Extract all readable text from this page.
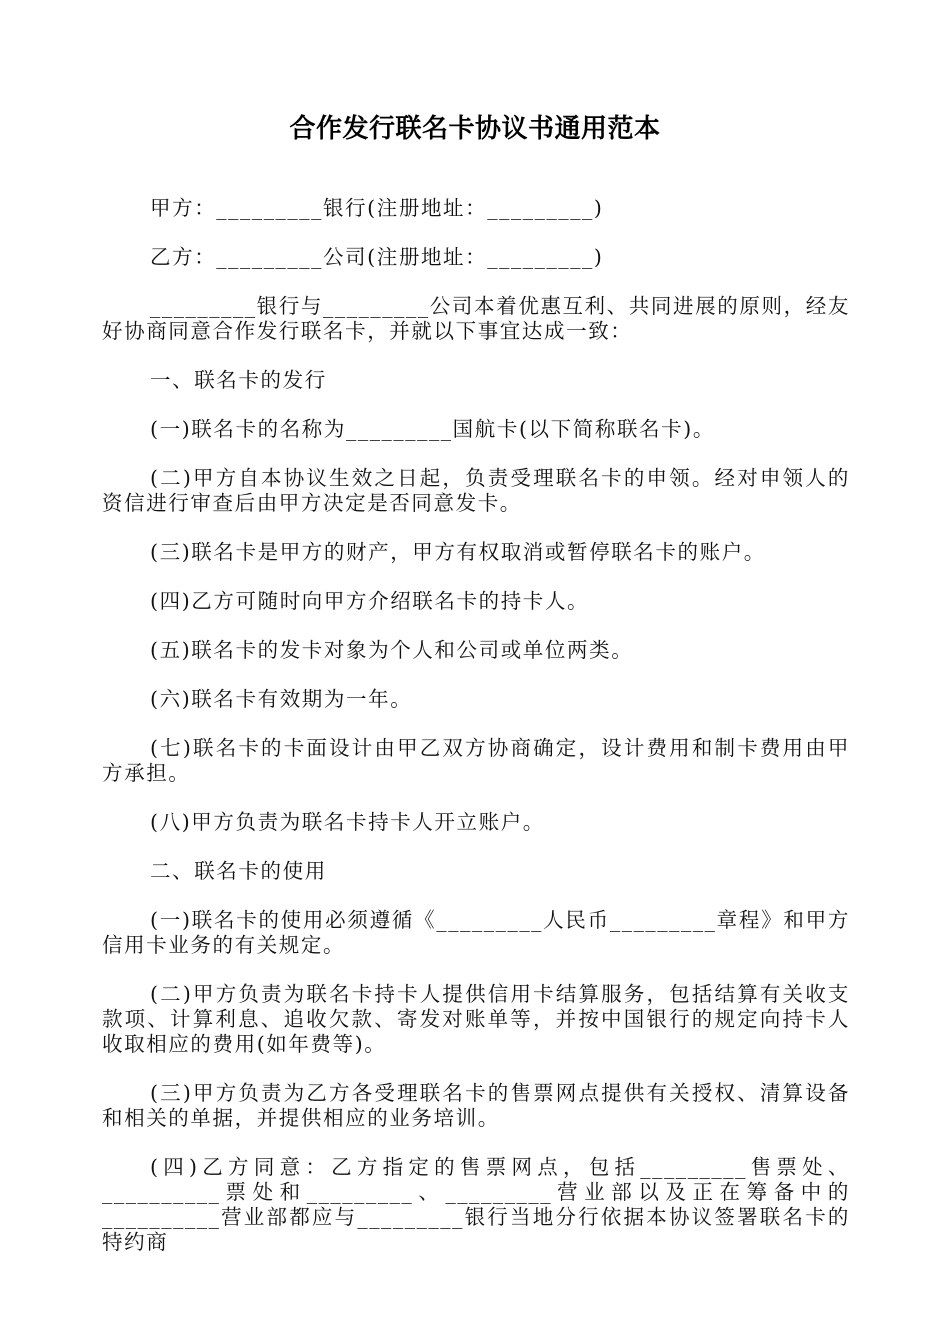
合作发行联名卡协议书通用范本

甲方：_________银行(注册地址：_________)

乙方：_________公司(注册地址：_________)

_________银行与_________公司本着优惠互利、共同进展的原则，经友好协商同意合作发行联名卡，并就以下事宜达成一致：

一、联名卡的发行

(一)联名卡的名称为_________国航卡(以下简称联名卡)。

(二)甲方自本协议生效之日起，负责受理联名卡的申领。经对申领人的资信进行审查后由甲方决定是否同意发卡。

(三)联名卡是甲方的财产，甲方有权取消或暂停联名卡的账户。

(四)乙方可随时向甲方介绍联名卡的持卡人。

(五)联名卡的发卡对象为个人和公司或单位两类。

(六)联名卡有效期为一年。

(七)联名卡的卡面设计由甲乙双方协商确定，设计费用和制卡费用由甲方承担。

(八)甲方负责为联名卡持卡人开立账户。

二、联名卡的使用

(一)联名卡的使用必须遵循《_________人民币_________章程》和甲方信用卡业务的有关规定。

(二)甲方负责为联名卡持卡人提供信用卡结算服务，包括结算有关收支款项、计算利息、追收欠款、寄发对账单等，并按中国银行的规定向持卡人收取相应的费用(如年费等)。

(三)甲方负责为乙方各受理联名卡的售票网点提供有关授权、清算设备和相关的单据，并提供相应的业务培训。

(四)乙方同意：乙方指定的售票网点，包括_________售票处、__________票处和_________、_________营业部以及正在筹备中的__________营业部都应与_________银行当地分行依据本协议签署联名卡的特约商
